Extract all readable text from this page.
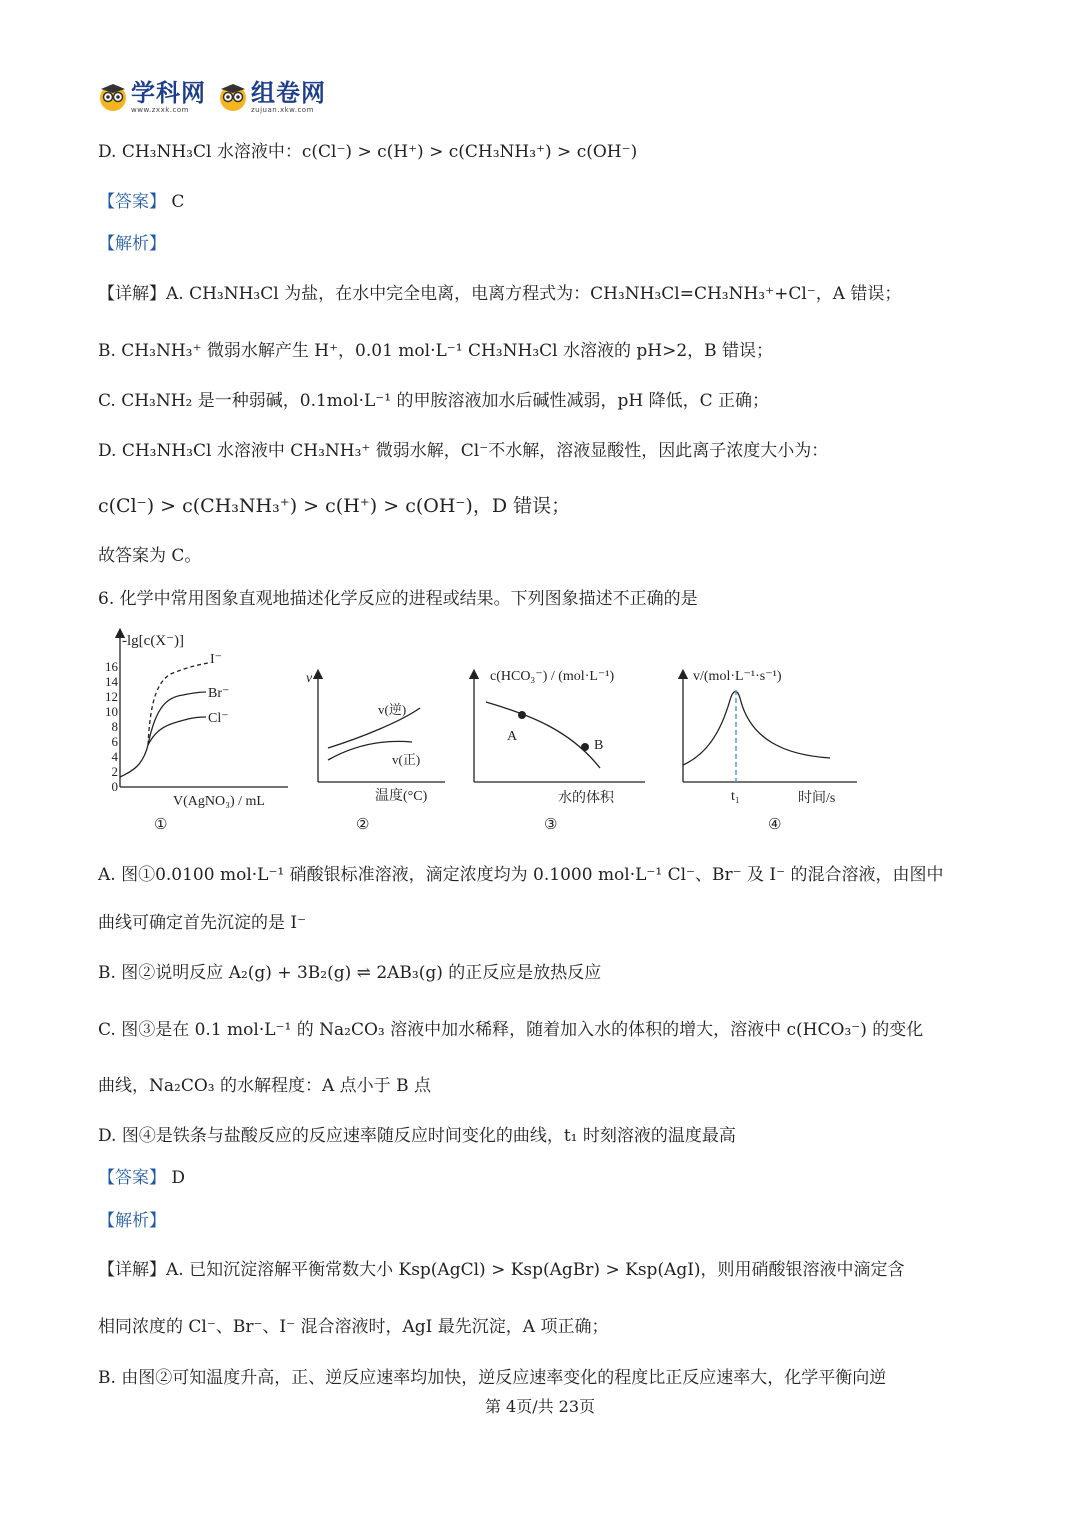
学科网
www.zxxk.com
组卷网
zujuan.xkw.com
D. CH₃NH₃Cl 水溶液中：c(Cl⁻) > c(H⁺) > c(CH₃NH₃⁺) > c(OH⁻)
【答案】 C
【解析】
【详解】A. CH₃NH₃Cl 为盐，在水中完全电离，电离方程式为：CH₃NH₃Cl=CH₃NH₃⁺+Cl⁻，A 错误；
B. CH₃NH₃⁺ 微弱水解产生 H⁺，0.01 mol·L⁻¹ CH₃NH₃Cl 水溶液的 pH>2，B 错误；
C. CH₃NH₂ 是一种弱碱，0.1mol·L⁻¹ 的甲胺溶液加水后碱性减弱，pH 降低，C 正确；
D. CH₃NH₃Cl 水溶液中 CH₃NH₃⁺ 微弱水解，Cl⁻不水解，溶液显酸性，因此离子浓度大小为：
c(Cl⁻) > c(CH₃NH₃⁺) > c(H⁺) > c(OH⁻)，D 错误；
故答案为 C。
6. 化学中常用图象直观地描述化学反应的进程或结果。下列图象描述不正确的是
-lg[c(X⁻)]
16
14
12
10
8
6
4
2
0
I⁻
Br⁻
Cl⁻
V(AgNO₃) / mL
①
v
v(逆)
v(正)
温度(°C)
②
c(HCO₃⁻) / (mol·L⁻¹)
A
B
水的体积
③
v/(mol·L⁻¹·s⁻¹)
t₁	时间/s
④
A. 图①0.0100 mol·L⁻¹ 硝酸银标准溶液，滴定浓度均为 0.1000 mol·L⁻¹ Cl⁻、Br⁻ 及 I⁻ 的混合溶液，由图中
曲线可确定首先沉淀的是 I⁻
B. 图②说明反应 A₂(g) + 3B₂(g) ⇌ 2AB₃(g) 的正反应是放热反应
C. 图③是在 0.1 mol·L⁻¹ 的 Na₂CO₃ 溶液中加水稀释，随着加入水的体积的增大，溶液中 c(HCO₃⁻) 的变化
曲线，Na₂CO₃ 的水解程度：A 点小于 B 点
D. 图④是铁条与盐酸反应的反应速率随反应时间变化的曲线，t₁ 时刻溶液的温度最高
【答案】 D
【解析】
【详解】A. 已知沉淀溶解平衡常数大小 Ksp(AgCl) > Ksp(AgBr) > Ksp(AgI)，则用硝酸银溶液中滴定含
相同浓度的 Cl⁻、Br⁻、I⁻ 混合溶液时，AgI 最先沉淀，A 项正确；
B. 由图②可知温度升高，正、逆反应速率均加快，逆反应速率变化的程度比正反应速率大，化学平衡向逆
第 4页/共 23页
